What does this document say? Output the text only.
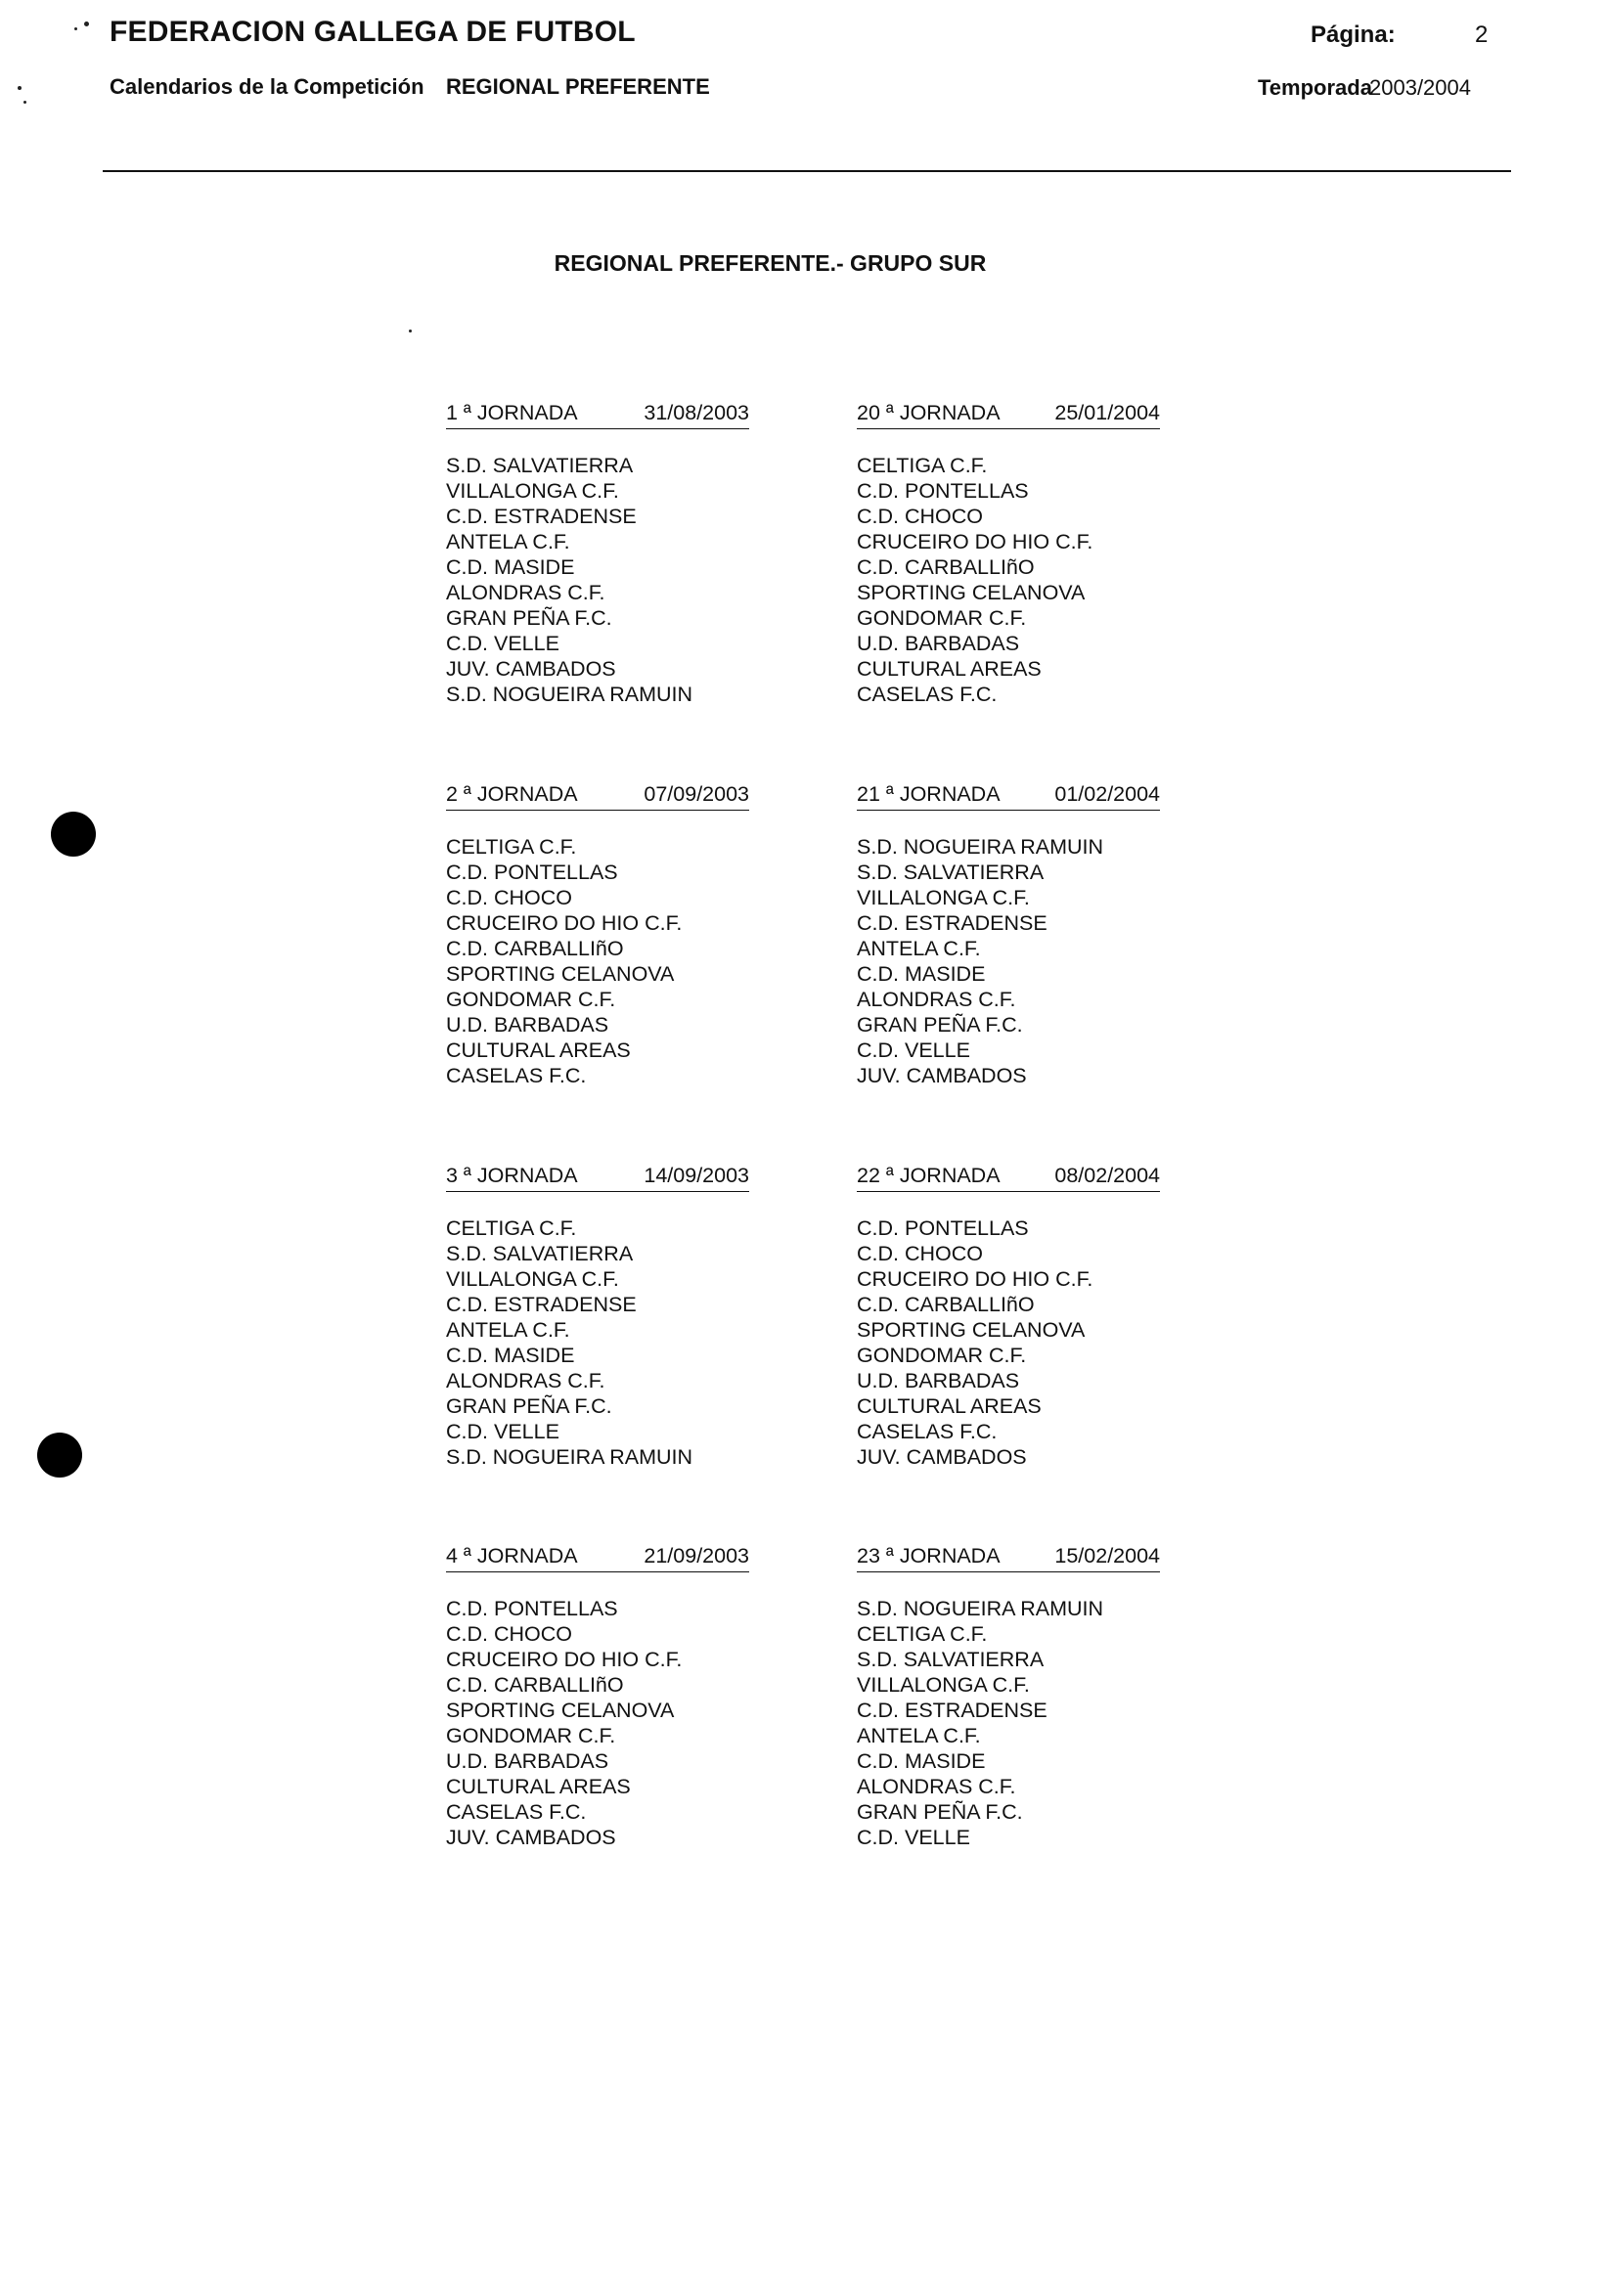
FEDERACION GALLEGA DE FUTBOL	Página:	2
Calendarios de la Competición REGIONAL PREFERENTE	Temporada
2003/2004
REGIONAL PREFERENTE.- GRUPO SUR
1 ª JORNADA	31/08/2003
S.D. SALVATIERRA
VILLALONGA C.F.
C.D. ESTRADENSE
ANTELA C.F.
C.D. MASIDE
ALONDRAS C.F.
GRAN PEÑA F.C.
C.D. VELLE
JUV. CAMBADOS
S.D. NOGUEIRA RAMUIN
20 ª JORNADA	25/01/2004
CELTIGA C.F.
C.D. PONTELLAS
C.D. CHOCO
CRUCEIRO DO HIO C.F.
C.D. CARBALLIñO
SPORTING CELANOVA
GONDOMAR C.F.
U.D. BARBADAS
CULTURAL AREAS
CASELAS F.C.
2 ª JORNADA	07/09/2003
CELTIGA C.F.
C.D. PONTELLAS
C.D. CHOCO
CRUCEIRO DO HIO C.F.
C.D. CARBALLIñO
SPORTING CELANOVA
GONDOMAR C.F.
U.D. BARBADAS
CULTURAL AREAS
CASELAS F.C.
21 ª JORNADA	01/02/2004
S.D. NOGUEIRA RAMUIN
S.D. SALVATIERRA
VILLALONGA C.F.
C.D. ESTRADENSE
ANTELA C.F.
C.D. MASIDE
ALONDRAS C.F.
GRAN PEÑA F.C.
C.D. VELLE
JUV. CAMBADOS
3 ª JORNADA	14/09/2003
CELTIGA C.F.
S.D. SALVATIERRA
VILLALONGA C.F.
C.D. ESTRADENSE
ANTELA C.F.
C.D. MASIDE
ALONDRAS C.F.
GRAN PEÑA F.C.
C.D. VELLE
S.D. NOGUEIRA RAMUIN
22 ª JORNADA	08/02/2004
C.D. PONTELLAS
C.D. CHOCO
CRUCEIRO DO HIO C.F.
C.D. CARBALLIñO
SPORTING CELANOVA
GONDOMAR C.F.
U.D. BARBADAS
CULTURAL AREAS
CASELAS F.C.
JUV. CAMBADOS
4 ª JORNADA	21/09/2003
C.D. PONTELLAS
C.D. CHOCO
CRUCEIRO DO HIO C.F.
C.D. CARBALLIñO
SPORTING CELANOVA
GONDOMAR C.F.
U.D. BARBADAS
CULTURAL AREAS
CASELAS F.C.
JUV. CAMBADOS
23 ª JORNADA	15/02/2004
S.D. NOGUEIRA RAMUIN
CELTIGA C.F.
S.D. SALVATIERRA
VILLALONGA C.F.
C.D. ESTRADENSE
ANTELA C.F.
C.D. MASIDE
ALONDRAS C.F.
GRAN PEÑA F.C.
C.D. VELLE
